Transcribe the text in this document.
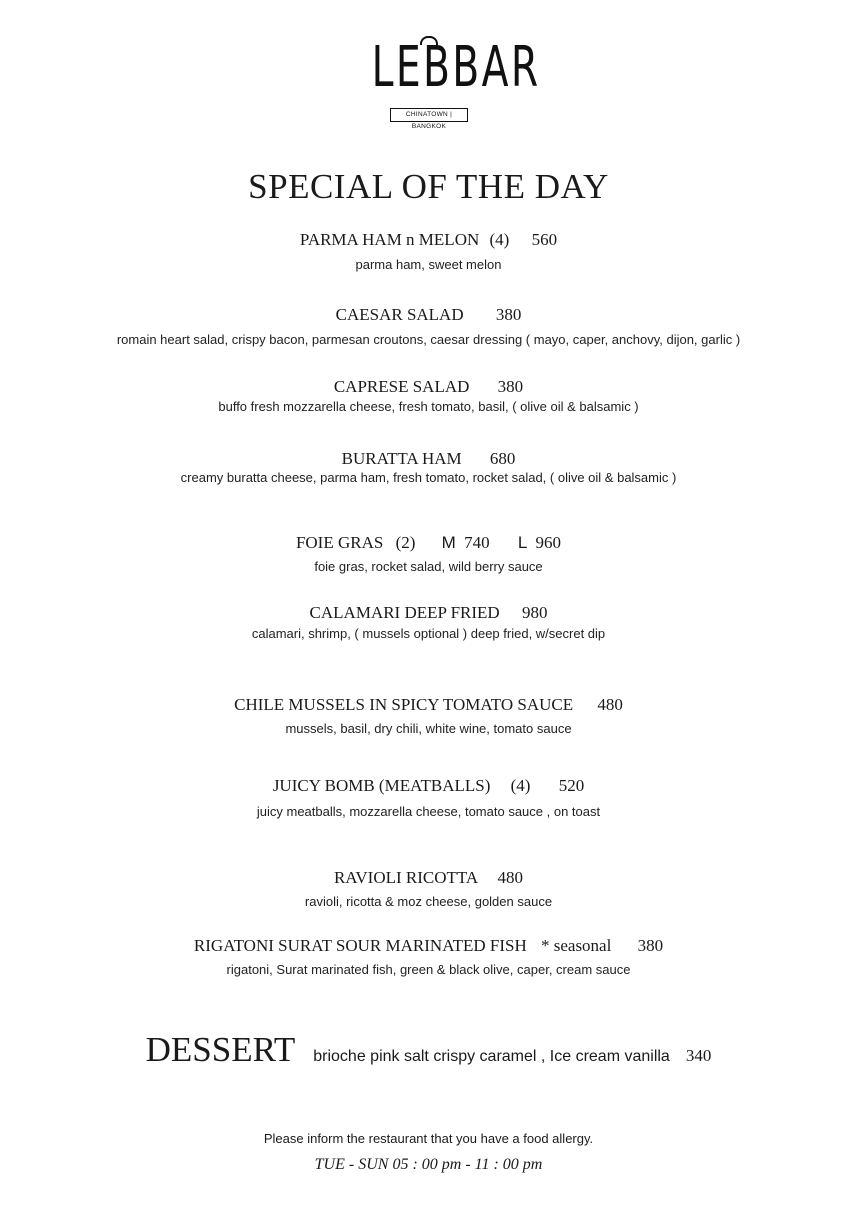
LEBBAR
CHINATOWN | BANGKOK
SPECIAL OF THE DAY
PARMA HAM n MELON (4) 560
parma ham, sweet melon
CAESAR SALAD 380
romain heart salad, crispy bacon, parmesan croutons, caesar dressing ( mayo, caper, anchovy, dijon, garlic )
CAPRESE SALAD 380
buffo fresh mozzarella cheese, fresh tomato, basil, ( olive oil & balsamic )
BURATTA HAM 680
creamy buratta cheese, parma ham, fresh tomato, rocket salad, ( olive oil & balsamic )
FOIE GRAS (2) M 740 L 960
foie gras, rocket salad, wild berry sauce
CALAMARI DEEP FRIED 980
calamari, shrimp, ( mussels optional ) deep fried, w/secret dip
CHILE MUSSELS IN SPICY TOMATO SAUCE 480
mussels, basil, dry chili, white wine, tomato sauce
JUICY BOMB (MEATBALLS) (4) 520
juicy meatballs, mozzarella cheese, tomato sauce , on toast
RAVIOLI RICOTTA 480
ravioli, ricotta & moz cheese, golden sauce
RIGATONI SURAT SOUR MARINATED FISH * seasonal 380
rigatoni, Surat marinated fish, green & black olive, caper, cream sauce
DESSERT brioche pink salt crispy caramel , Ice cream vanilla 340
Please inform the restaurant that you have a food allergy.
TUE - SUN 05 : 00 pm - 11 : 00 pm
